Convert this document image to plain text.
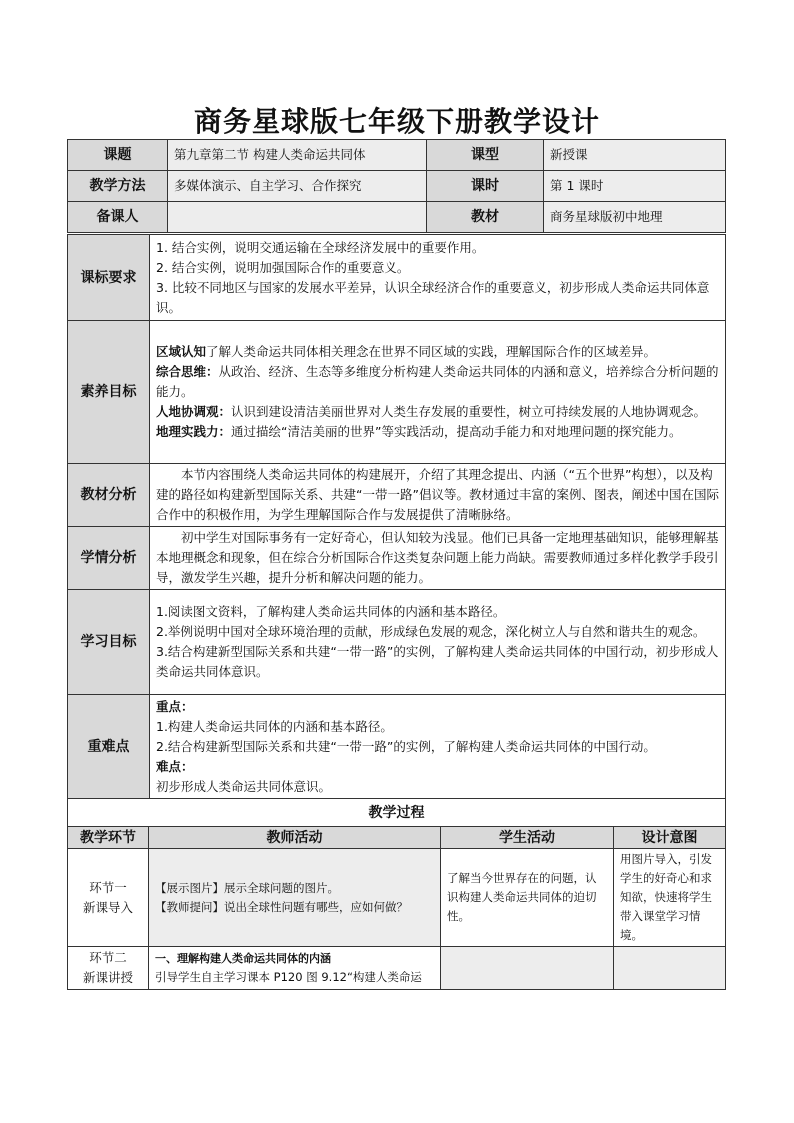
商务星球版七年级下册教学设计
课题	第九章第二节 构建人类命运共同体	课型	新授课
教学方法	多媒体演示、自主学习、合作探究	课时	第 1 课时
备课人		教材	商务星球版初中地理
课标要求	1. 结合实例，说明交通运输在全球经济发展中的重要作用。
2. 结合实例，说明加强国际合作的重要意义。
3. 比较不同地区与国家的发展水平差异，认识全球经济合作的重要意义，初步形成人类命运共同体意识。

素养目标	区域认知了解人类命运共同体相关理念在世界不同区域的实践，理解国际合作的区域差异。
综合思维：从政治、经济、生态等多维度分析构建人类命运共同体的内涵和意义，培养综合分析问题的能力。
人地协调观：认识到建设清洁美丽世界对人类生存发展的重要性，树立可持续发展的人地协调观念。
地理实践力：通过描绘“清洁美丽的世界”等实践活动，提高动手能力和对地理问题的探究能力。

教材分析	本节内容围绕人类命运共同体的构建展开，介绍了其理念提出、内涵（“五个世界”构想），以及构建的路径如构建新型国际关系、共建“一带一路”倡议等。教材通过丰富的案例、图表，阐述中国在国际合作中的积极作用，为学生理解国际合作与发展提供了清晰脉络。
学情分析	初中学生对国际事务有一定好奇心，但认知较为浅显。他们已具备一定地理基础知识，能够理解基本地理概念和现象，但在综合分析国际合作这类复杂问题上能力尚缺。需要教师通过多样化教学手段引导，激发学生兴趣，提升分析和解决问题的能力。
学习目标	1.阅读图文资料，了解构建人类命运共同体的内涵和基本路径。
2.举例说明中国对全球环境治理的贡献，形成绿色发展的观念，深化树立人与自然和谐共生的观念。
3.结合构建新型国际关系和共建“一带一路”的实例，了解构建人类命运共同体的中国行动，初步形成人类命运共同体意识。

重难点	重点：
1.构建人类命运共同体的内涵和基本路径。
2.结合构建新型国际关系和共建“一带一路”的实例，了解构建人类命运共同体的中国行动。
难点：
初步形成人类命运共同体意识。
教学过程			
教学环节	教师活动	学生活动	设计意图

环节一
新课导入	【展示图片】展示全球问题的图片。
【教师提问】说出全球性问题有哪些，应如何做？	了解当今世界存在的问题，认识构建人类命运共同体的迫切性。	用图片导入，引发学生的好奇心和求知欲，快速将学生带入课堂学习情境。

环节二
新课讲授	一、理解构建人类命运共同体的内涵
引导学生自主学习课本 P120 图 9.12“构建人类命运		
